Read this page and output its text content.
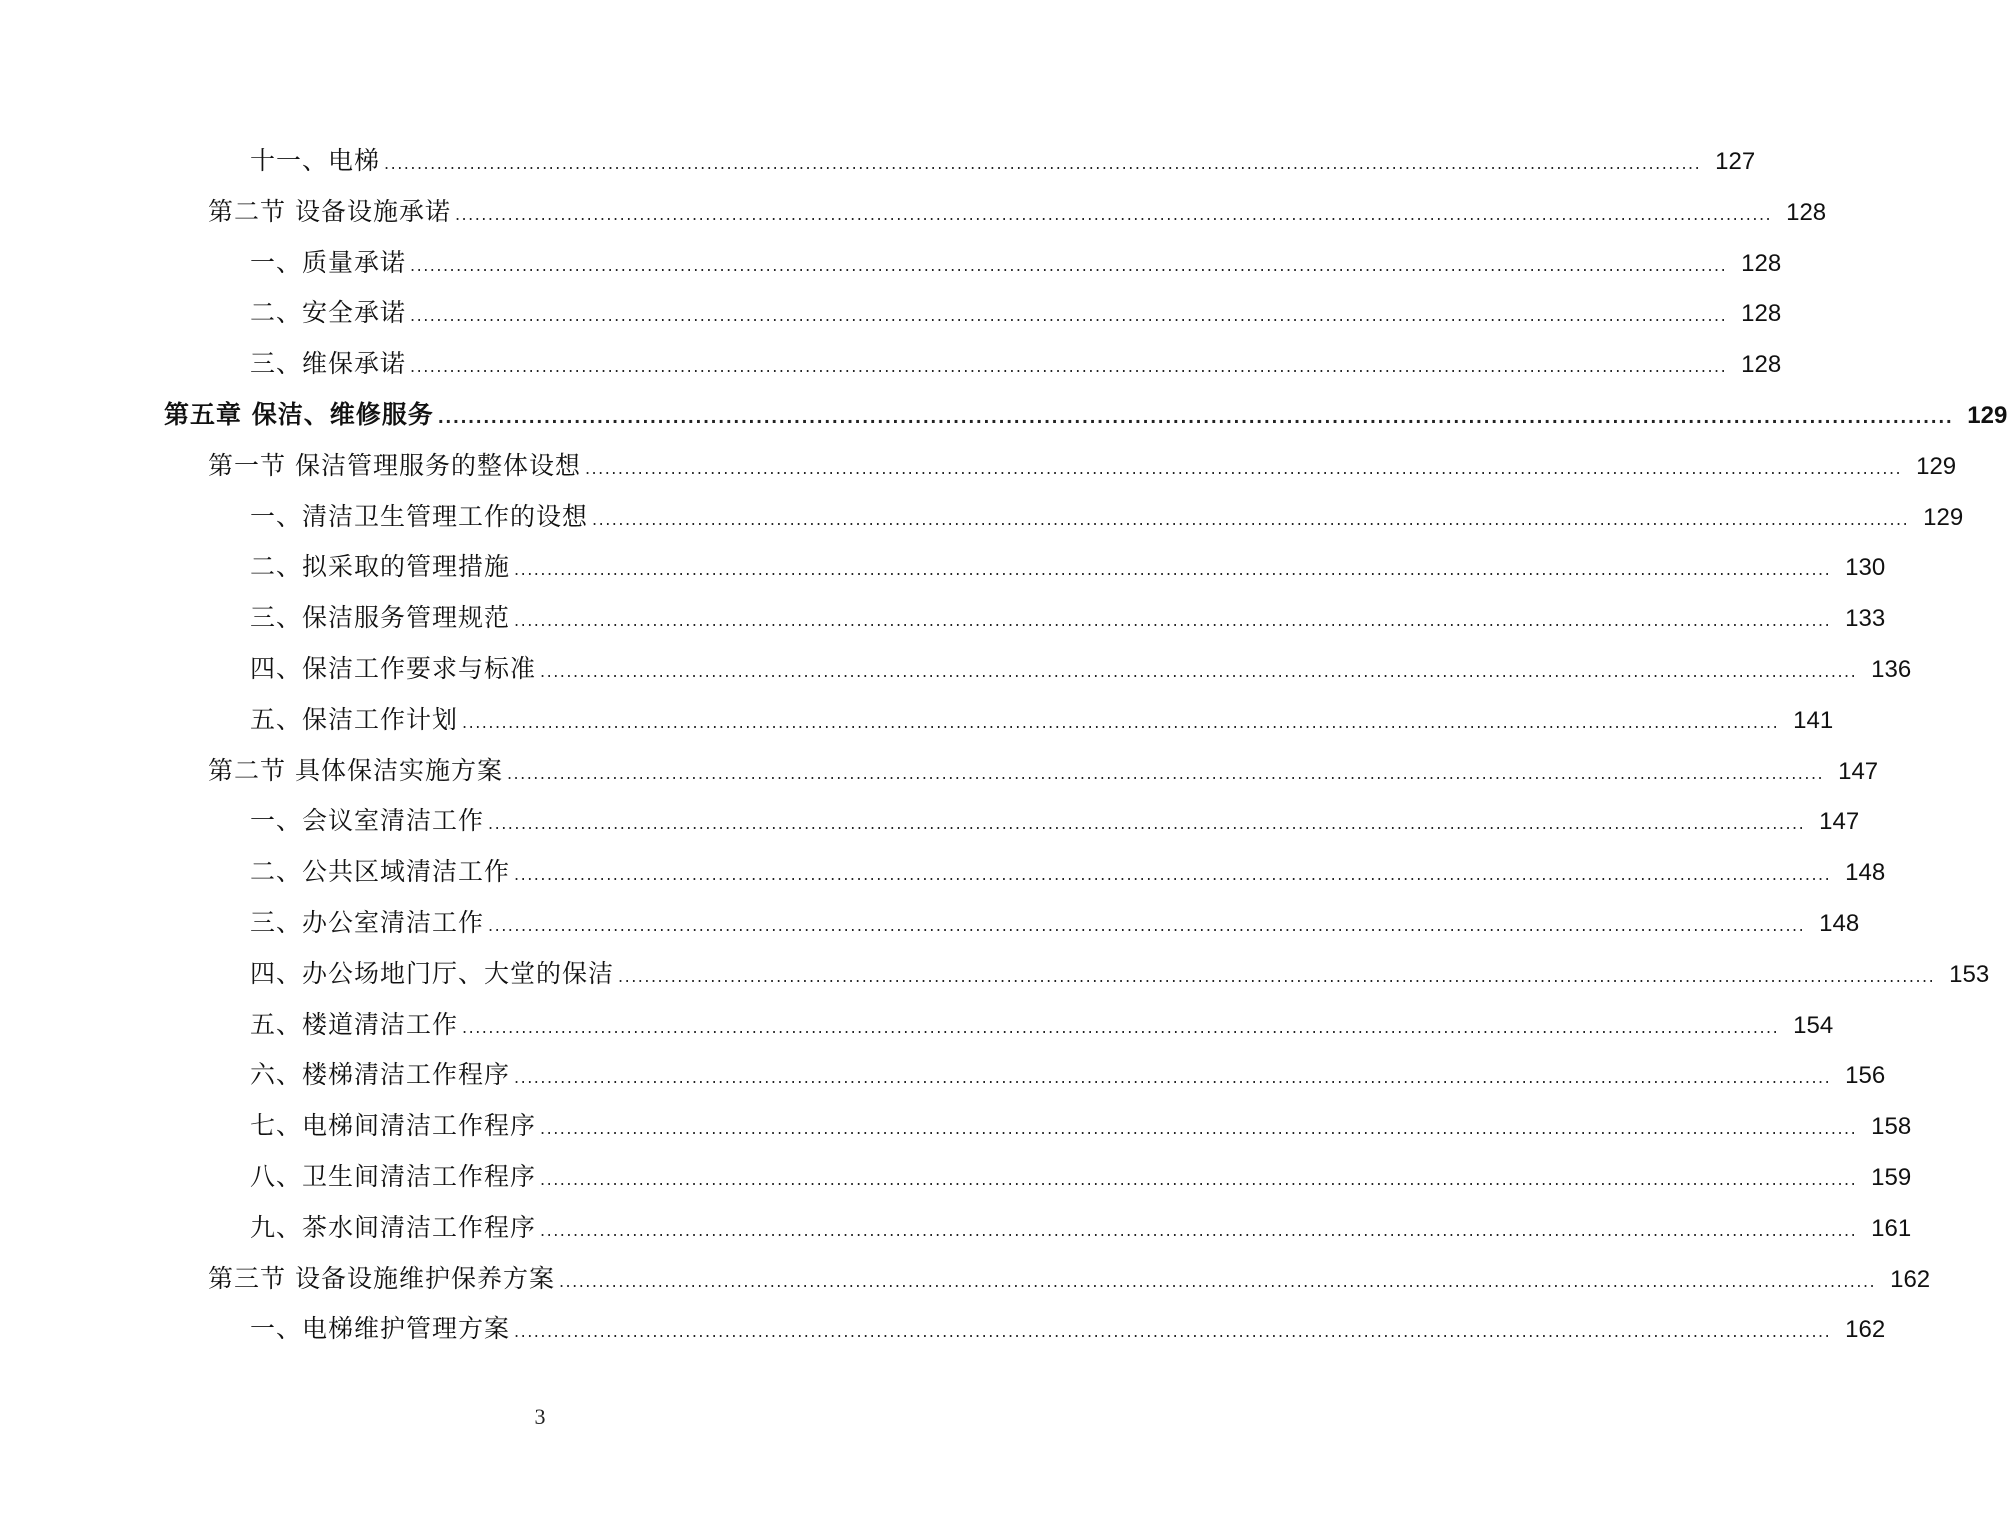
十一、电梯 ........................................................................................................................................................................................................ 127
第二节 设备设施承诺 ........................................................................................................................................................................................................ 128
一、质量承诺 ........................................................................................................................................................................................................ 128
二、安全承诺 ........................................................................................................................................................................................................ 128
三、维保承诺 ........................................................................................................................................................................................................ 128
第五章 保洁、维修服务 ........................................................................................................................................................................................................ 129
第一节 保洁管理服务的整体设想 ........................................................................................................................................................................................................ 129
一、清洁卫生管理工作的设想 ........................................................................................................................................................................................................ 129
二、拟采取的管理措施 ........................................................................................................................................................................................................ 130
三、保洁服务管理规范 ........................................................................................................................................................................................................ 133
四、保洁工作要求与标准 ........................................................................................................................................................................................................ 136
五、保洁工作计划 ........................................................................................................................................................................................................ 141
第二节 具体保洁实施方案 ........................................................................................................................................................................................................ 147
一、会议室清洁工作 ........................................................................................................................................................................................................ 147
二、公共区域清洁工作 ........................................................................................................................................................................................................ 148
三、办公室清洁工作 ........................................................................................................................................................................................................ 148
四、办公场地门厅、大堂的保洁 ........................................................................................................................................................................................................ 153
五、楼道清洁工作 ........................................................................................................................................................................................................ 154
六、楼梯清洁工作程序 ........................................................................................................................................................................................................ 156
七、电梯间清洁工作程序 ........................................................................................................................................................................................................ 158
八、卫生间清洁工作程序 ........................................................................................................................................................................................................ 159
九、茶水间清洁工作程序 ........................................................................................................................................................................................................ 161
第三节 设备设施维护保养方案 ........................................................................................................................................................................................................ 162
一、电梯维护管理方案 ........................................................................................................................................................................................................ 162
3
